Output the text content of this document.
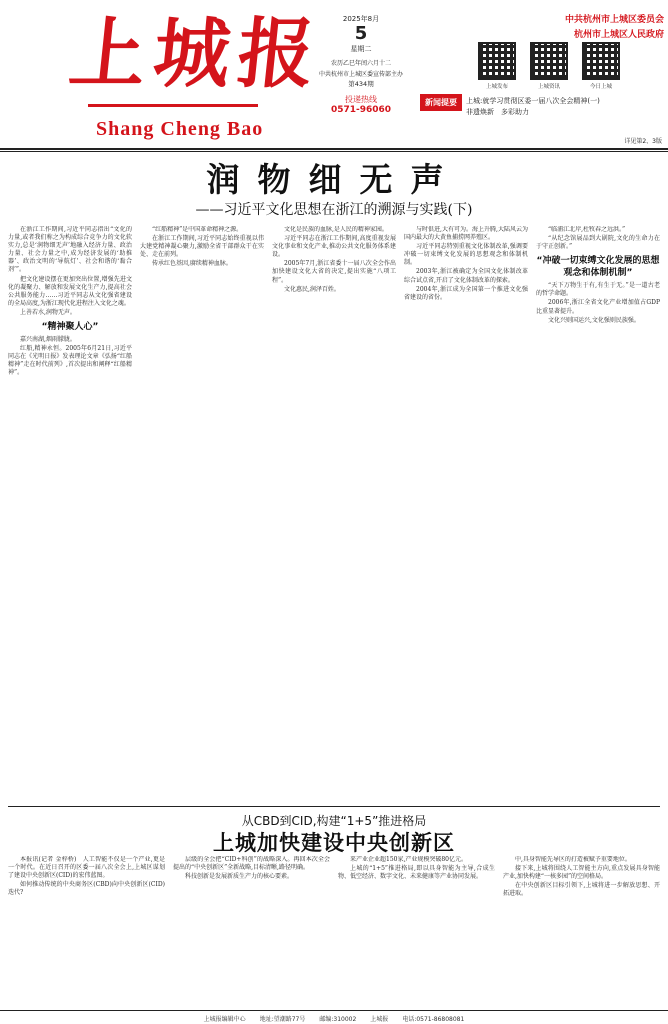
上城报
Shang Cheng Bao
2025年8月
5
星期二
农历乙巳年闰六月十二
中共杭州市上城区委宣传部主办
第434期
投递热线
0571-96060
中共杭州市上城区委员会
杭州市上城区人民政府
上城发布	上城资讯	今日上城
新闻提要	上城:就学习贯彻区委一届八次全会精神(一)
非遗焕新　多彩助力
详见第2、3版
润物细无声
——习近平文化思想在浙江的溯源与实践(下)

在浙江工作期间,习近平同志指出“文化的力量,或者我们称之为构成综合竞争力的文化软实力,总是‘润物细无声’地融入经济力量、政治力量、社会力量之中,成为经济发展的‘助推器’、政治文明的‘导航灯’、社会和谐的‘黏合剂’”。

把文化建设摆在更加突出位置,增强先进文化的凝聚力、解放和发展文化生产力,提高社会公共服务能力……习近平同志从文化强省建设的全局高度,为浙江现代化进程注入文化之魂。

上善若水,润物无声。

“精神聚人心”

嘉兴南湖,烟雨朦胧。

红船,精神永恒。2005年6月21日,习近平同志在《光明日报》发表理论文章《弘扬“红船精神”走在时代前列》,首次提出和阐释“红船精神”。

“红船精神”是中国革命精神之源。

在浙江工作期间,习近平同志始终重视以伟大建党精神凝心聚力,激励全省干部群众干在实处、走在前列。

传承红色基因,赓续精神血脉。

文化是民族的血脉,是人民的精神家园。

习近平同志在浙江工作期间,高度重视发展文化事业和文化产业,推动公共文化服务体系建设。

2005年7月,浙江省委十一届八次全会作出加快建设文化大省的决定,提出实施“八项工程”。

文化惠民,润泽百姓。

与时俱进,大有可为。海上升腾,大陆风云为国内最大的大黄鱼捕捞网养殖区。

习近平同志特别重视文化体制改革,强调要冲破一切束缚文化发展的思想观念和体制机制。

2003年,浙江被确定为全国文化体制改革综合试点省,开启了文化体制改革的探索。

2004年,浙江成为全国第一个推进文化强省建设的省份。

“临浦江北岸,杜牧春之远洪。”

“从纪念馆展品到大剧院,文化的生命力在于守正创新。”

“冲破一切束缚文化发展的思想观念和体制机制”

“天下万物生于有,有生于无。”是一道古老的哲学命题。

2006年,浙江全省文化产业增加值占GDP比重显著提升。

文化兴则国运兴,文化强则民族强。

从CBD到CID,构建“1+5”推进格局
上城加快建设中央创新区

本报讯(记者 金梓桥)　人工智能不仅是一个产业,更是一个时代。在近日召开的区委一届八次全会上,上城区谋划了建设中央创新区(CID)的宏伟蓝图。

如何推动传统的中央商务区(CBD)向中央创新区(CID)迭代?

层级的全会把“CID+科创”的战略深入。再回本次全会提出的“中央创新区”全新战略,目标清晰,路径明确。

科技创新是发展新质生产力的核心要素。

来产业企业超150家,产业规模突破80亿元。

上城的“1+5”推进格局,即以具身智能为主导,合成生物、低空经济、数字文化、未来健康等产业协同发展。

中,具身智能先导区的打造被赋予重要地位。

接下来,上城将围绕人工智能主方向,重点发展具身智能产业,加快构建“一核多园”的空间格局。

在中央创新区目标引领下,上城将进一步解放思想、开拓进取。

上城报编辑中心 地址:望潮路77号 邮编:310002 上城报 电话:0571-86808081
